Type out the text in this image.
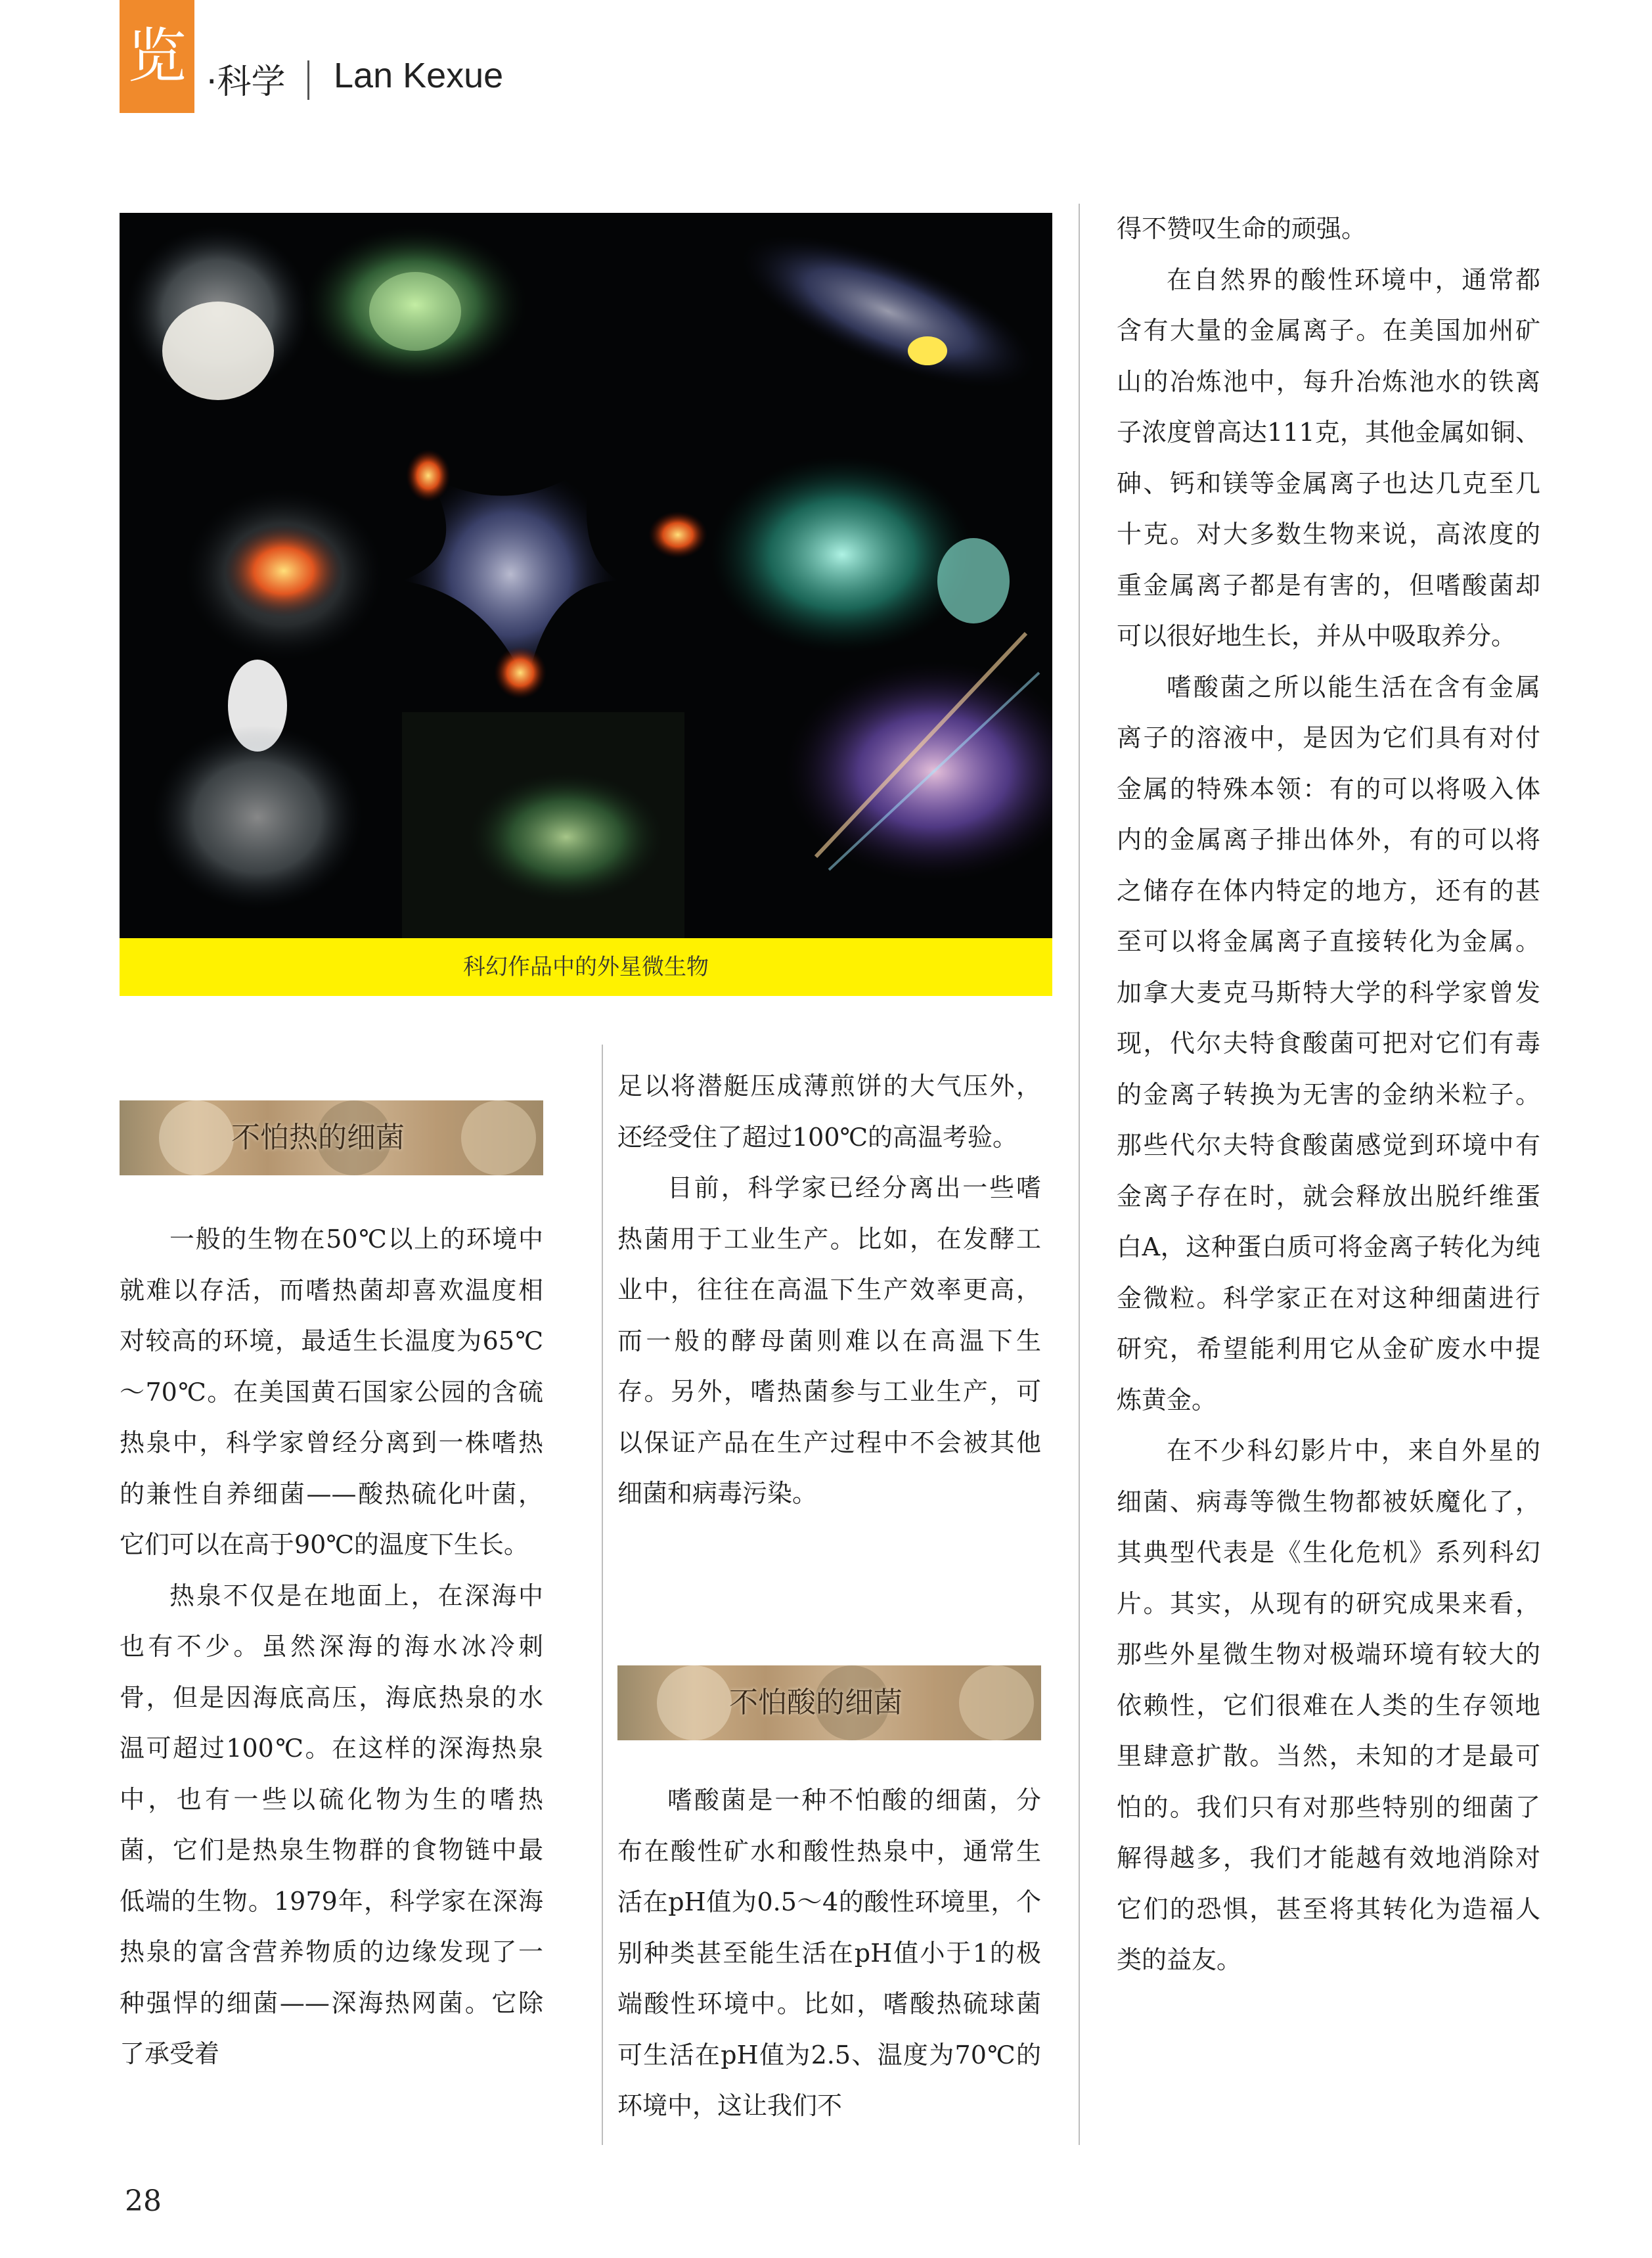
览 ·科学 Lan Kexue
科幻作品中的外星微生物
不怕热的细菌

一般的生物在50℃以上的环境中就难以存活，而嗜热菌却喜欢温度相对较高的环境，最适生长温度为65℃～70℃。在美国黄石国家公园的含硫热泉中，科学家曾经分离到一株嗜热的兼性自养细菌——酸热硫化叶菌，它们可以在高于90℃的温度下生长。

热泉不仅是在地面上，在深海中也有不少。虽然深海的海水冰冷刺骨，但是因海底高压，海底热泉的水温可超过100℃。在这样的深海热泉中，也有一些以硫化物为生的嗜热菌，它们是热泉生物群的食物链中最低端的生物。1979年，科学家在深海热泉的富含营养物质的边缘发现了一种强悍的细菌——深海热网菌。它除了承受着

足以将潜艇压成薄煎饼的大气压外，还经受住了超过100℃的高温考验。

目前，科学家已经分离出一些嗜热菌用于工业生产。比如，在发酵工业中，往往在高温下生产效率更高，而一般的酵母菌则难以在高温下生存。另外，嗜热菌参与工业生产，可以保证产品在生产过程中不会被其他细菌和病毒污染。

不怕酸的细菌

嗜酸菌是一种不怕酸的细菌，分布在酸性矿水和酸性热泉中，通常生活在pH值为0.5～4的酸性环境里，个别种类甚至能生活在pH值小于1的极端酸性环境中。比如，嗜酸热硫球菌可生活在pH值为2.5、温度为70℃的环境中，这让我们不

得不赞叹生命的顽强。

在自然界的酸性环境中，通常都含有大量的金属离子。在美国加州矿山的冶炼池中，每升冶炼池水的铁离子浓度曾高达111克，其他金属如铜、砷、钙和镁等金属离子也达几克至几十克。对大多数生物来说，高浓度的重金属离子都是有害的，但嗜酸菌却可以很好地生长，并从中吸取养分。

嗜酸菌之所以能生活在含有金属离子的溶液中，是因为它们具有对付金属的特殊本领：有的可以将吸入体内的金属离子排出体外，有的可以将之储存在体内特定的地方，还有的甚至可以将金属离子直接转化为金属。加拿大麦克马斯特大学的科学家曾发现，代尔夫特食酸菌可把对它们有毒的金离子转换为无害的金纳米粒子。那些代尔夫特食酸菌感觉到环境中有金离子存在时，就会释放出脱纤维蛋白A，这种蛋白质可将金离子转化为纯金微粒。科学家正在对这种细菌进行研究，希望能利用它从金矿废水中提炼黄金。

在不少科幻影片中，来自外星的细菌、病毒等微生物都被妖魔化了，其典型代表是《生化危机》系列科幻片。其实，从现有的研究成果来看，那些外星微生物对极端环境有较大的依赖性，它们很难在人类的生存领地里肆意扩散。当然，未知的才是最可怕的。我们只有对那些特别的细菌了解得越多，我们才能越有效地消除对它们的恐惧，甚至将其转化为造福人类的益友。

28
